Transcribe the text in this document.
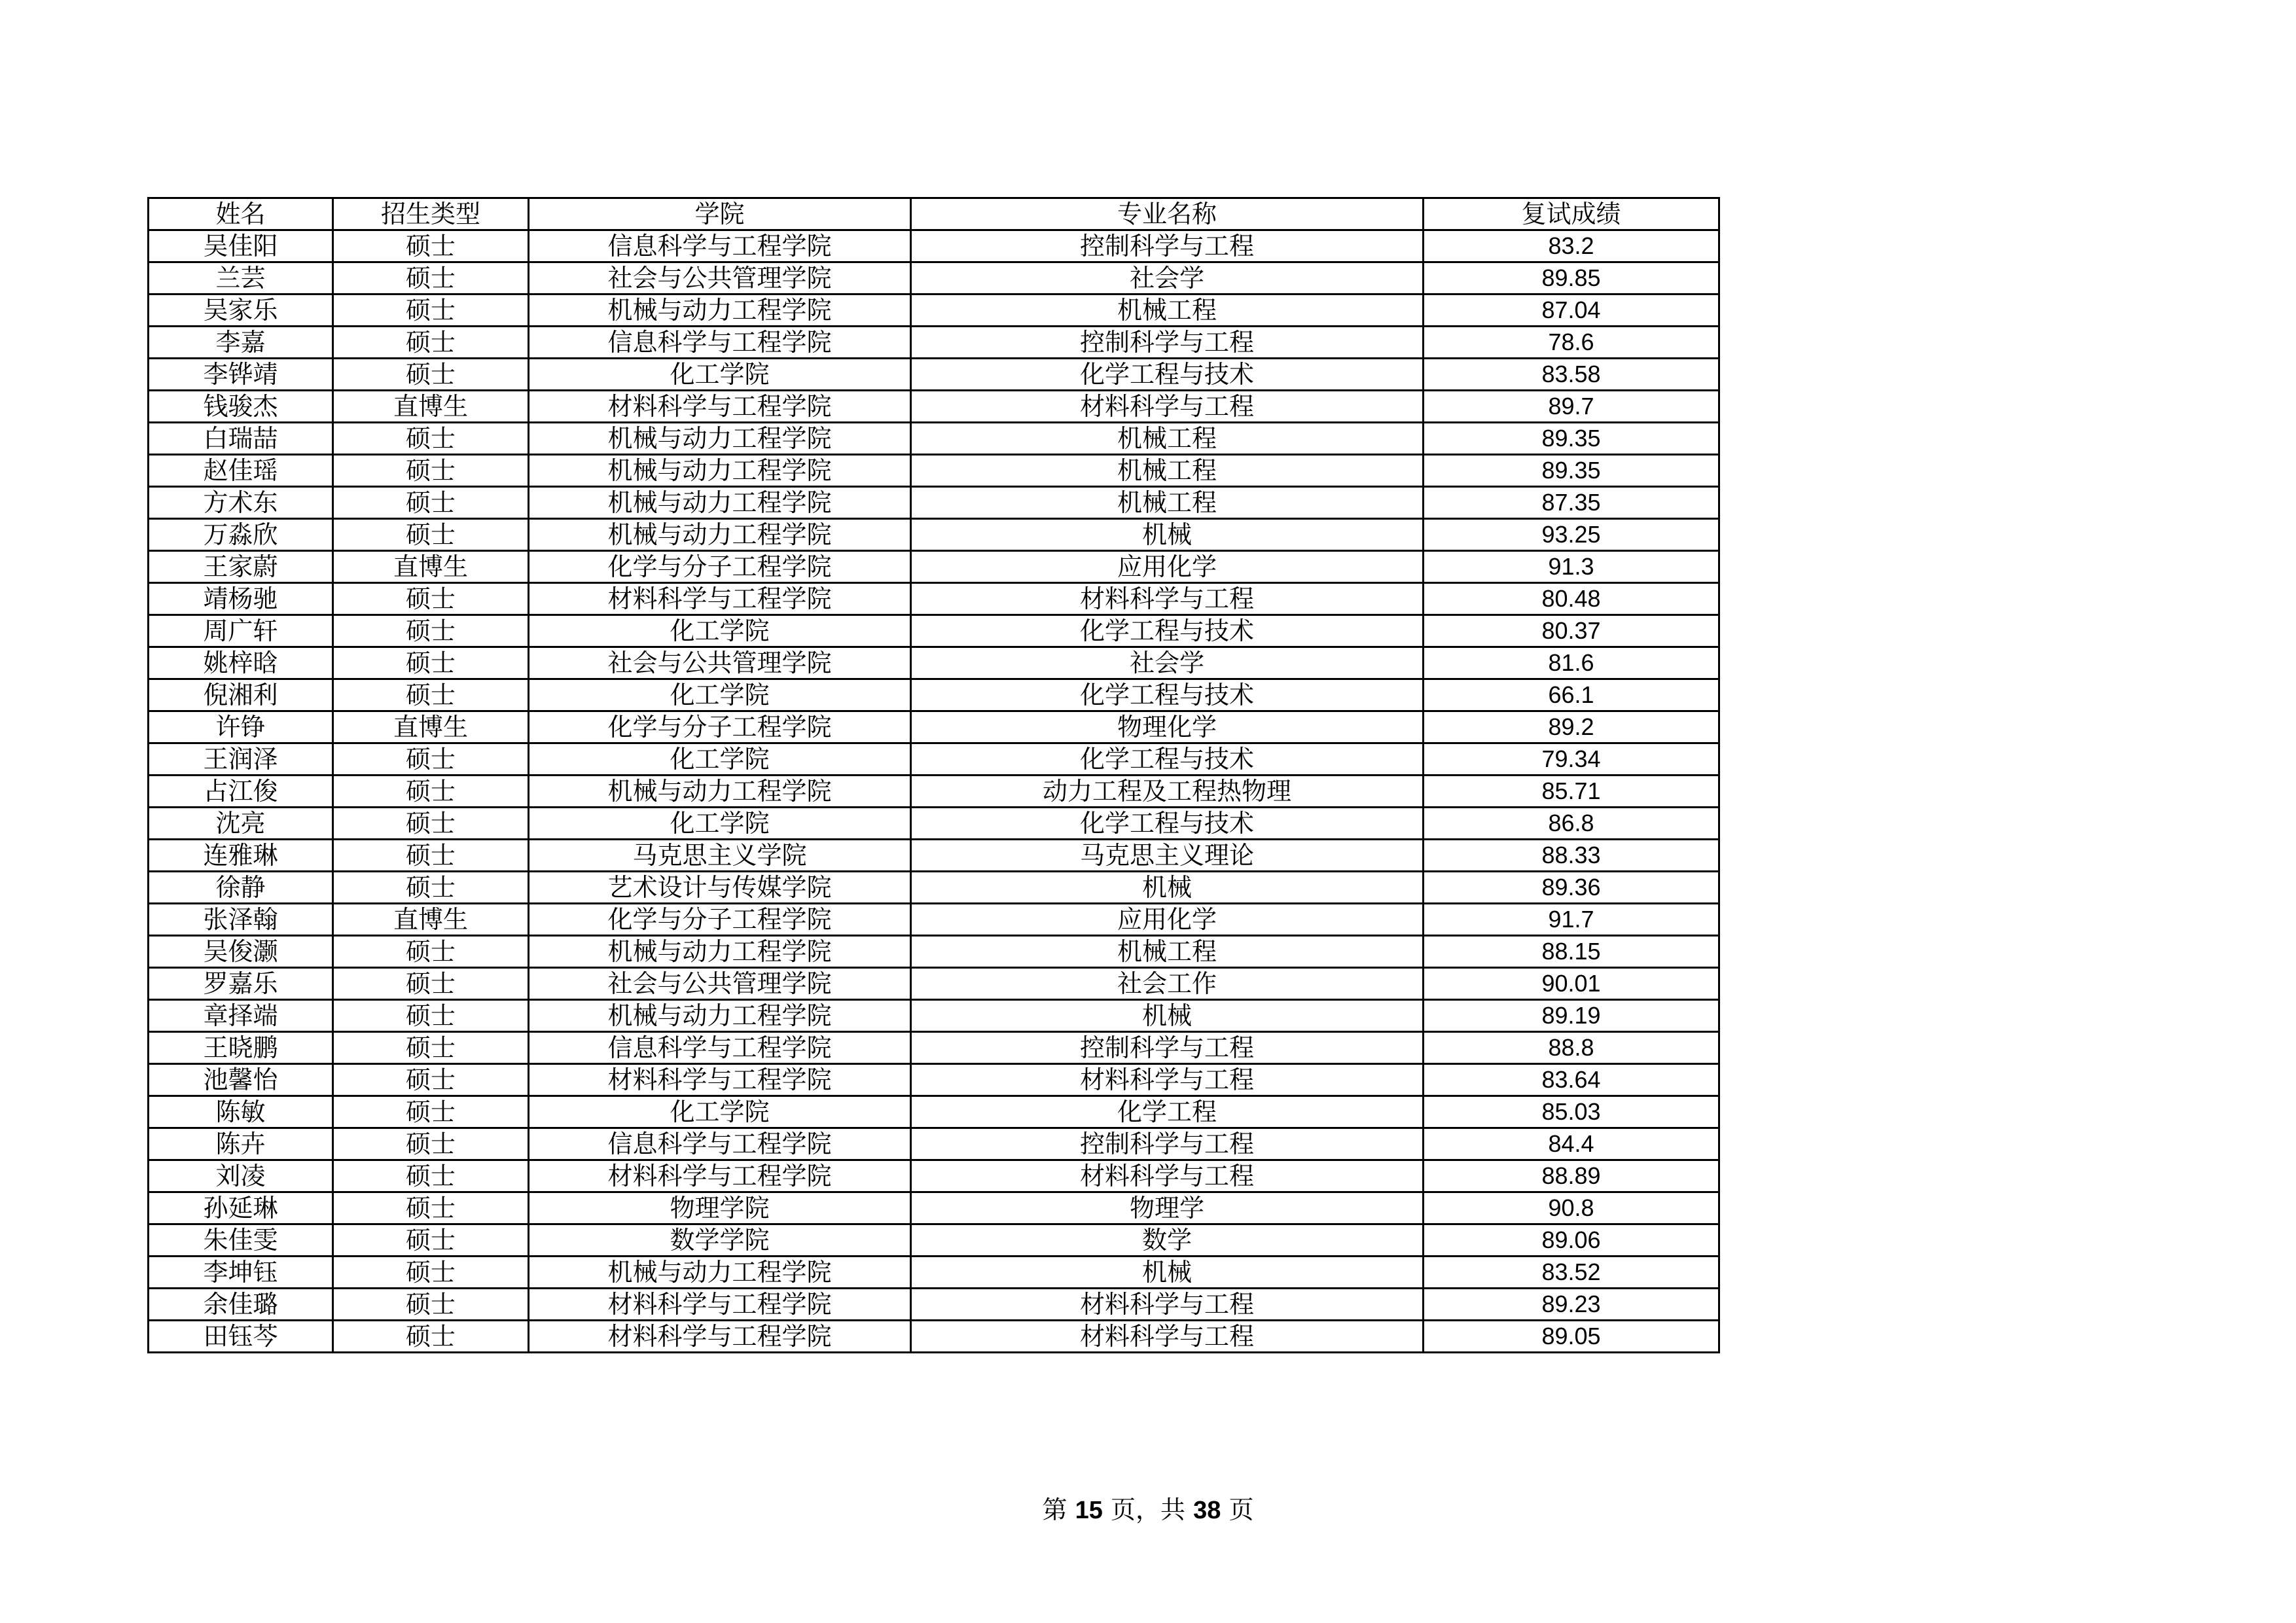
姓名	招生类型	学院	专业名称	复试成绩
吴佳阳	硕士	信息科学与工程学院	控制科学与工程	83.2
兰芸	硕士	社会与公共管理学院	社会学	89.85
吴家乐	硕士	机械与动力工程学院	机械工程	87.04
李嘉	硕士	信息科学与工程学院	控制科学与工程	78.6
李铧靖	硕士	化工学院	化学工程与技术	83.58
钱骏杰	直博生	材料科学与工程学院	材料科学与工程	89.7
白瑞喆	硕士	机械与动力工程学院	机械工程	89.35
赵佳瑶	硕士	机械与动力工程学院	机械工程	89.35
方术东	硕士	机械与动力工程学院	机械工程	87.35
万淼欣	硕士	机械与动力工程学院	机械	93.25
王家蔚	直博生	化学与分子工程学院	应用化学	91.3
靖杨驰	硕士	材料科学与工程学院	材料科学与工程	80.48
周广轩	硕士	化工学院	化学工程与技术	80.37
姚梓晗	硕士	社会与公共管理学院	社会学	81.6
倪湘利	硕士	化工学院	化学工程与技术	66.1
许铮	直博生	化学与分子工程学院	物理化学	89.2
王润泽	硕士	化工学院	化学工程与技术	79.34
占江俊	硕士	机械与动力工程学院	动力工程及工程热物理	85.71
沈亮	硕士	化工学院	化学工程与技术	86.8
连雅琳	硕士	马克思主义学院	马克思主义理论	88.33
徐静	硕士	艺术设计与传媒学院	机械	89.36
张泽翰	直博生	化学与分子工程学院	应用化学	91.7
吴俊灏	硕士	机械与动力工程学院	机械工程	88.15
罗嘉乐	硕士	社会与公共管理学院	社会工作	90.01
章择端	硕士	机械与动力工程学院	机械	89.19
王晓鹏	硕士	信息科学与工程学院	控制科学与工程	88.8
池馨怡	硕士	材料科学与工程学院	材料科学与工程	83.64
陈敏	硕士	化工学院	化学工程	85.03
陈卉	硕士	信息科学与工程学院	控制科学与工程	84.4
刘凌	硕士	材料科学与工程学院	材料科学与工程	88.89
孙延琳	硕士	物理学院	物理学	90.8
朱佳雯	硕士	数学学院	数学	89.06
李坤钰	硕士	机械与动力工程学院	机械	83.52
余佳璐	硕士	材料科学与工程学院	材料科学与工程	89.23
田钰芩	硕士	材料科学与工程学院	材料科学与工程	89.05
第 15 页，共 38 页
